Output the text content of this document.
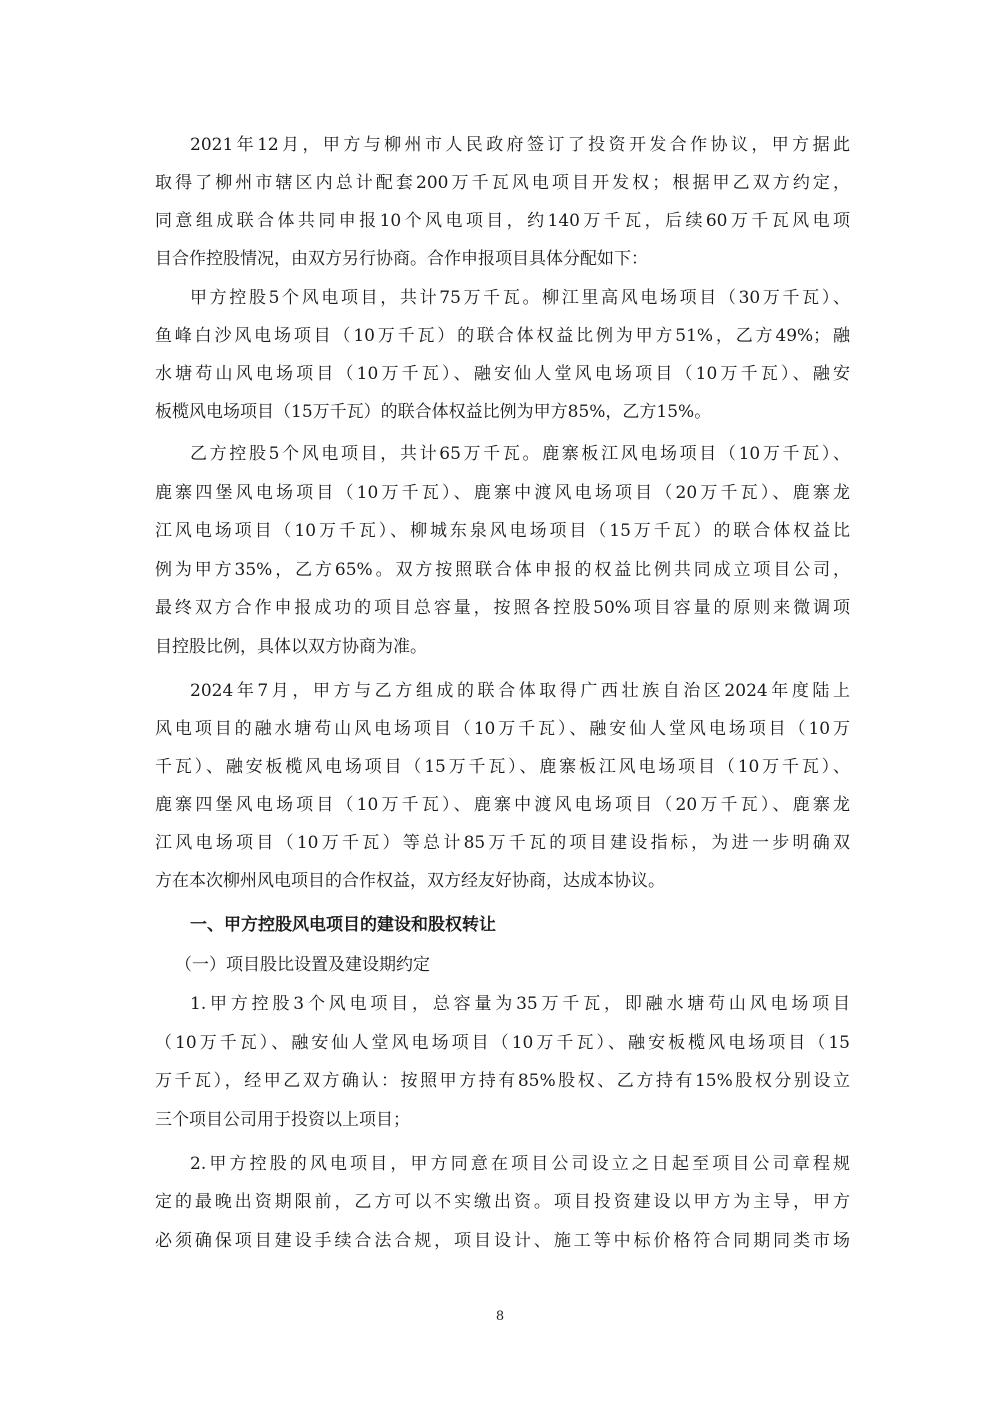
2021年12月，甲方与柳州市人民政府签订了投资开发合作协议，甲方据此
取得了柳州市辖区内总计配套200万千瓦风电项目开发权；根据甲乙双方约定，
同意组成联合体共同申报10个风电项目，约140万千瓦，后续60万千瓦风电项
目合作控股情况，由双方另行协商。合作申报项目具体分配如下：
甲方控股5个风电项目，共计75万千瓦。柳江里高风电场项目（30万千瓦）、
鱼峰白沙风电场项目（10万千瓦）的联合体权益比例为甲方51%，乙方49%；融
水塘苟山风电场项目（10万千瓦）、融安仙人堂风电场项目（10万千瓦）、融安
板榄风电场项目（15万千瓦）的联合体权益比例为甲方85%，乙方15%。
乙方控股5个风电项目，共计65万千瓦。鹿寨板江风电场项目（10万千瓦）、
鹿寨四堡风电场项目（10万千瓦）、鹿寨中渡风电场项目（20万千瓦）、鹿寨龙
江风电场项目（10万千瓦）、柳城东泉风电场项目（15万千瓦）的联合体权益比
例为甲方35%，乙方65%。双方按照联合体申报的权益比例共同成立项目公司，
最终双方合作申报成功的项目总容量，按照各控股50%项目容量的原则来微调项
目控股比例，具体以双方协商为准。
2024年7月，甲方与乙方组成的联合体取得广西壮族自治区2024年度陆上
风电项目的融水塘苟山风电场项目（10万千瓦）、融安仙人堂风电场项目（10万
千瓦）、融安板榄风电场项目（15万千瓦）、鹿寨板江风电场项目（10万千瓦）、
鹿寨四堡风电场项目（10万千瓦）、鹿寨中渡风电场项目（20万千瓦）、鹿寨龙
江风电场项目（10万千瓦）等总计85万千瓦的项目建设指标，为进一步明确双
方在本次柳州风电项目的合作权益，双方经友好协商，达成本协议。
一、甲方控股风电项目的建设和股权转让
（一）项目股比设置及建设期约定
1.甲方控股3个风电项目，总容量为35万千瓦，即融水塘苟山风电场项目
（10万千瓦）、融安仙人堂风电场项目（10万千瓦）、融安板榄风电场项目（15
万千瓦），经甲乙双方确认：按照甲方持有85%股权、乙方持有15%股权分别设立
三个项目公司用于投资以上项目；
2.甲方控股的风电项目，甲方同意在项目公司设立之日起至项目公司章程规
定的最晚出资期限前，乙方可以不实缴出资。项目投资建设以甲方为主导，甲方
必须确保项目建设手续合法合规，项目设计、施工等中标价格符合同期同类市场
8
